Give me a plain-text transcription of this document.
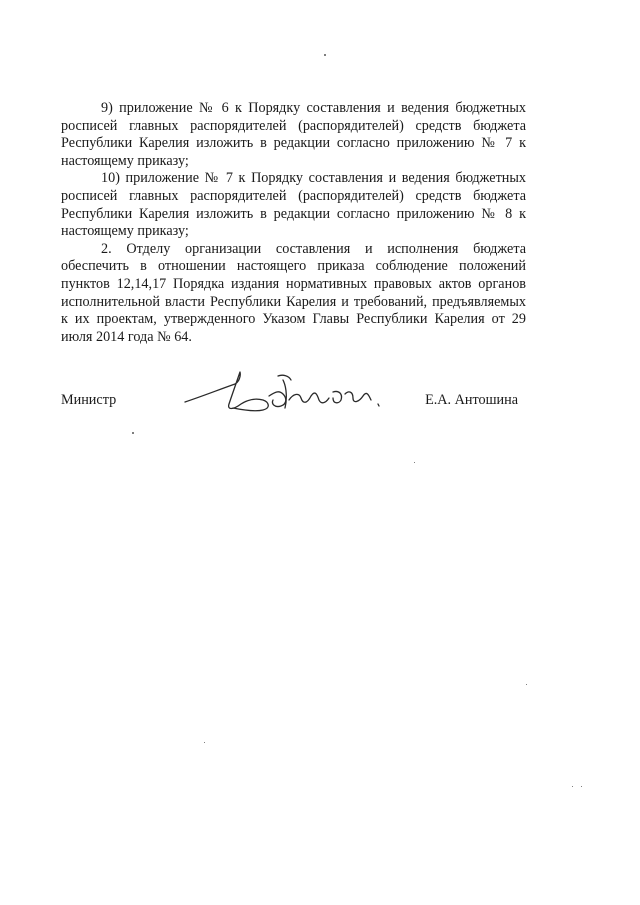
9) приложение № 6 к Порядку составления и ведения бюджетных росписей главных распорядителей (распорядителей) средств бюджета Республики Карелия изложить в редакции согласно приложению № 7 к настоящему приказу;

10) приложение № 7 к Порядку составления и ведения бюджетных росписей главных распорядителей (распорядителей) средств бюджета Республики Карелия изложить в редакции согласно приложению № 8 к настоящему приказу;

2. Отделу организации составления и исполнения бюджета обеспечить в отношении настоящего приказа соблюдение положений пунктов 12,14,17 Порядка издания нормативных правовых актов органов исполнительной власти Республики Карелия и требований, предъявляемых к их проектам, утвержденного Указом Главы Республики Карелия от 29 июля 2014 года № 64.

Министр	Е.А. Антошина
